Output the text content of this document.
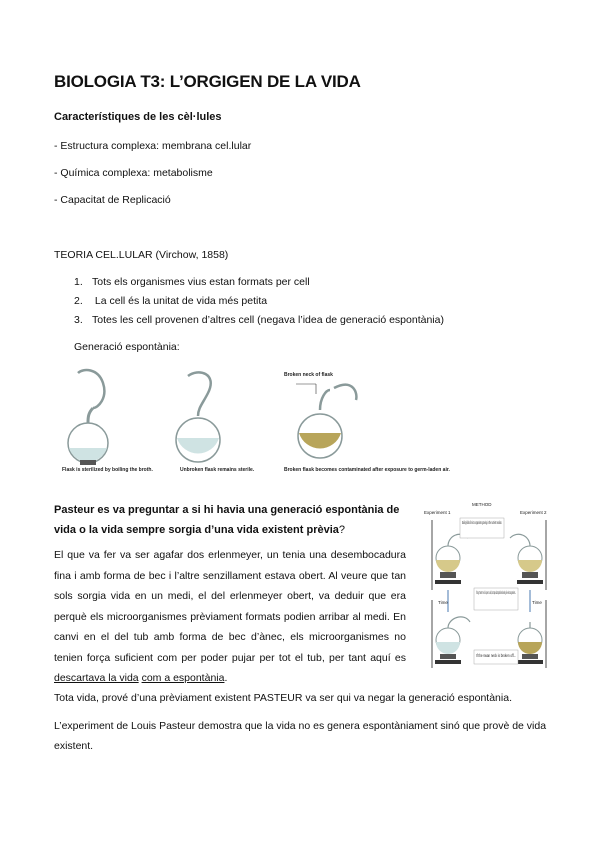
BIOLOGIA T3: L’ORGIGEN DE LA VIDA
Característiques de les cèl·lules
- Estructura complexa: membrana cel.lular
- Química complexa: metabolisme
- Capacitat de Replicació
TEORIA CEL.LULAR (Virchow, 1858)
1. Tots els organismes vius estan formats per cell
2. La cell és la unitat de vida més petita
3. Totes les cell provenen d’altres cell (negava l’idea de generació espontània)
Generació espontània:
Flask is sterilized by boiling the broth.	Unbroken flask remains sterile.
Broken neck of flask
Broken flask becomes contaminated after exposure to germ-laden air.
Pasteur es va preguntar a si hi havia una generació espontània de vida o la vida sempre sorgia d’una vida existent prèvia?
El que va fer va ser agafar dos erlenmeyer, un tenia una desembocadura fina i amb forma de bec i l’altre senzillament estava obert. Al veure que tan sols sorgia vida en un medi, el del erlenmeyer obert, va deduir que era perquè els microorganismes prèviament formats podien arribar al medi. En canvi en el del tub amb forma de bec d’ànec, els microorganismes no tenien força suficient com per poder pujar per tot el tub, per tant aquí es descartava la vida com a espontània.
METHOD
Experiment 1	Experiment 2
Boiling kills all micro-organisms growing in the nutrient medium.
If long "swan" neck is open to air, but traps dust particles bearing live microorganisms...
Time	Time
If the swan neck is broken off...
Tota vida, prové d’una prèviament existent PASTEUR va ser qui va negar la generació espontània.
L’experiment de Louis Pasteur demostra que la vida no es genera espontàniament sinó que provè de vida existent.
